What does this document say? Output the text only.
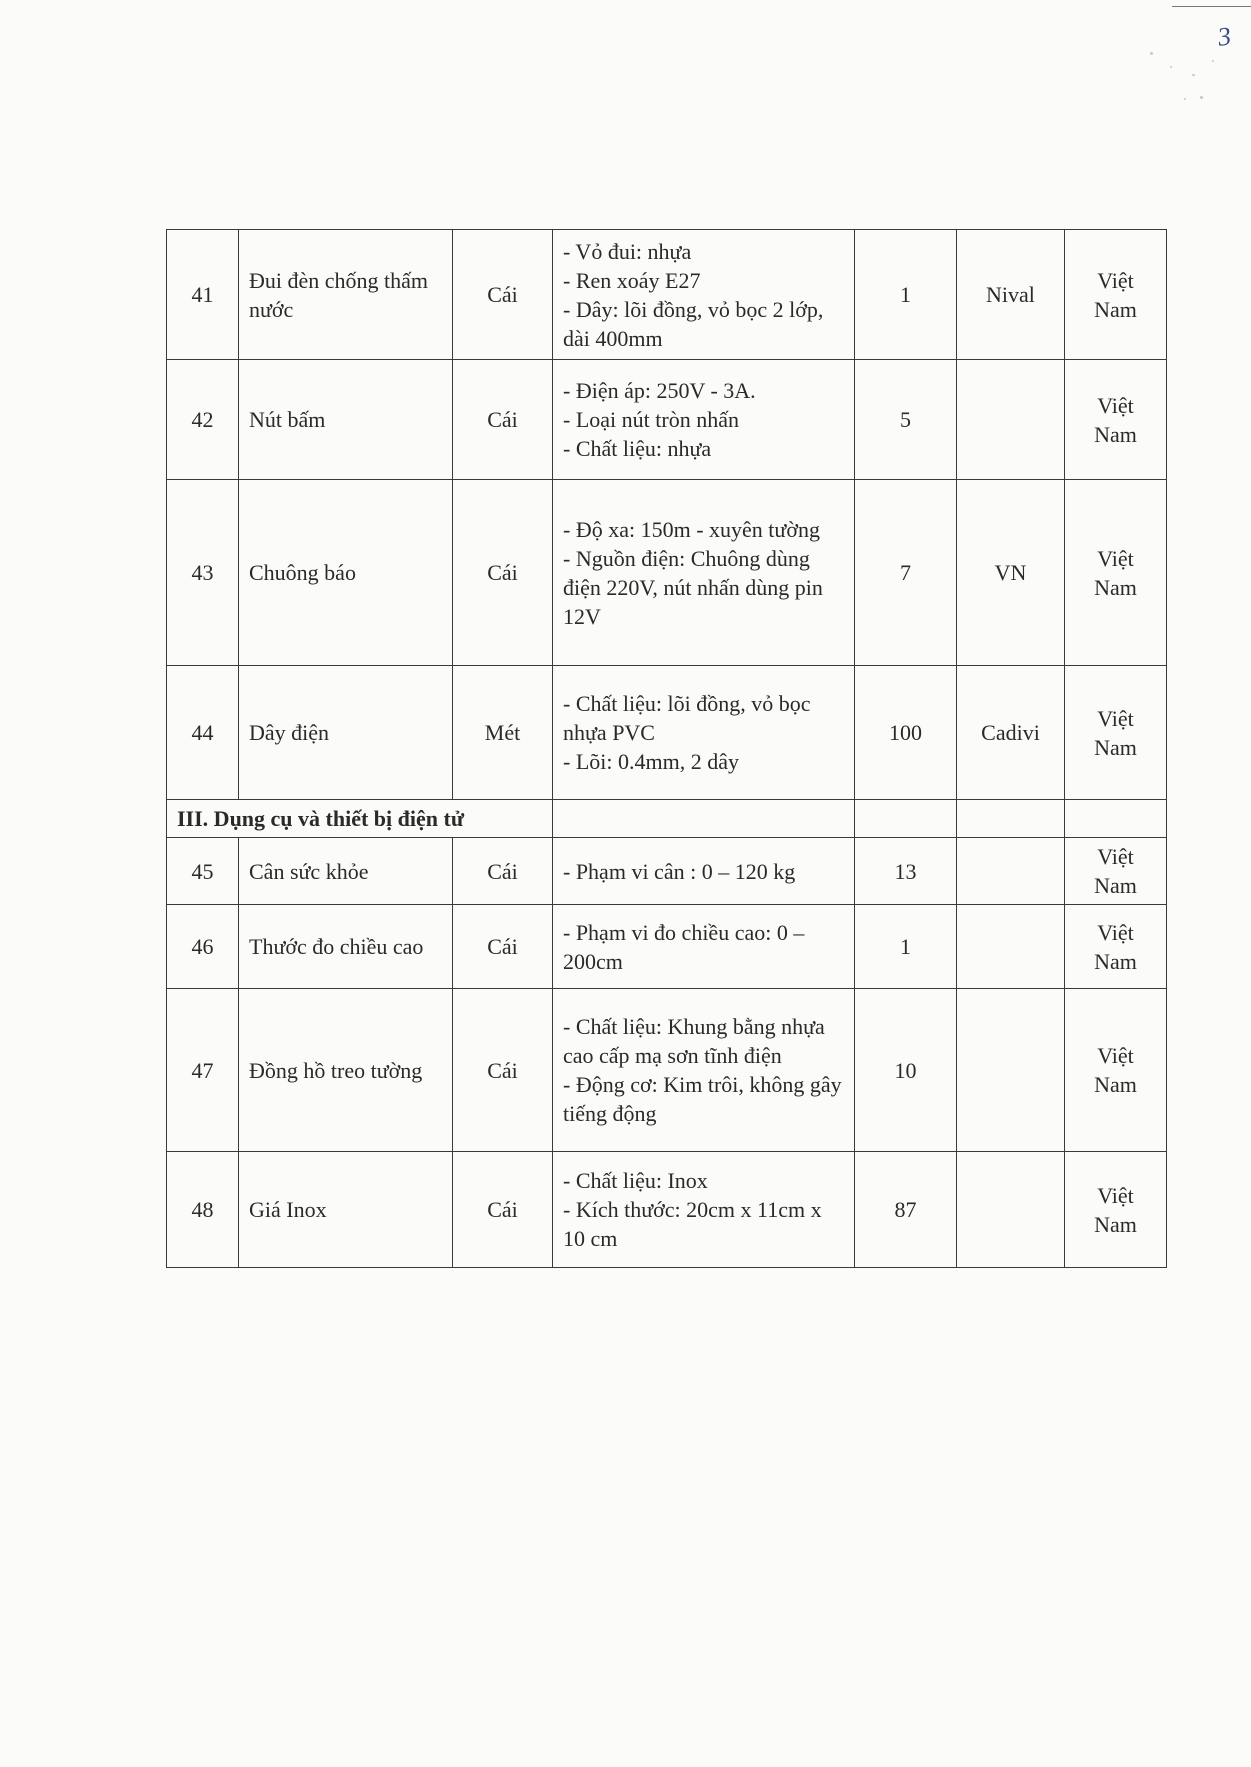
3
41	Đui đèn chống thấm nước	Cái	- Vỏ đui: nhựa
- Ren xoáy E27
- Dây: lõi đồng, vỏ bọc 2 lớp, dài 400mm	1	Nival	Việt Nam
42	Nút bấm	Cái	- Điện áp: 250V - 3A.
- Loại nút tròn nhấn
- Chất liệu: nhựa	5		Việt Nam
43	Chuông báo	Cái	- Độ xa: 150m - xuyên tường
- Nguồn điện: Chuông dùng điện 220V, nút nhấn dùng pin 12V	7	VN	Việt Nam
44	Dây điện	Mét	- Chất liệu: lõi đồng, vỏ bọc nhựa PVC
- Lõi: 0.4mm, 2 dây	100	Cadivi	Việt Nam
III. Dụng cụ và thiết bị điện tử						
45	Cân sức khỏe	Cái	- Phạm vi cân : 0 – 120 kg	13		Việt Nam
46	Thước đo chiều cao	Cái	- Phạm vi đo chiều cao: 0 – 200cm	1		Việt Nam
47	Đồng hồ treo tường	Cái	- Chất liệu: Khung bằng nhựa cao cấp mạ sơn tĩnh điện
- Động cơ: Kim trôi, không gây tiếng động	10		Việt Nam
48	Giá Inox	Cái	- Chất liệu: Inox
- Kích thước: 20cm x 11cm x 10 cm	87		Việt Nam
